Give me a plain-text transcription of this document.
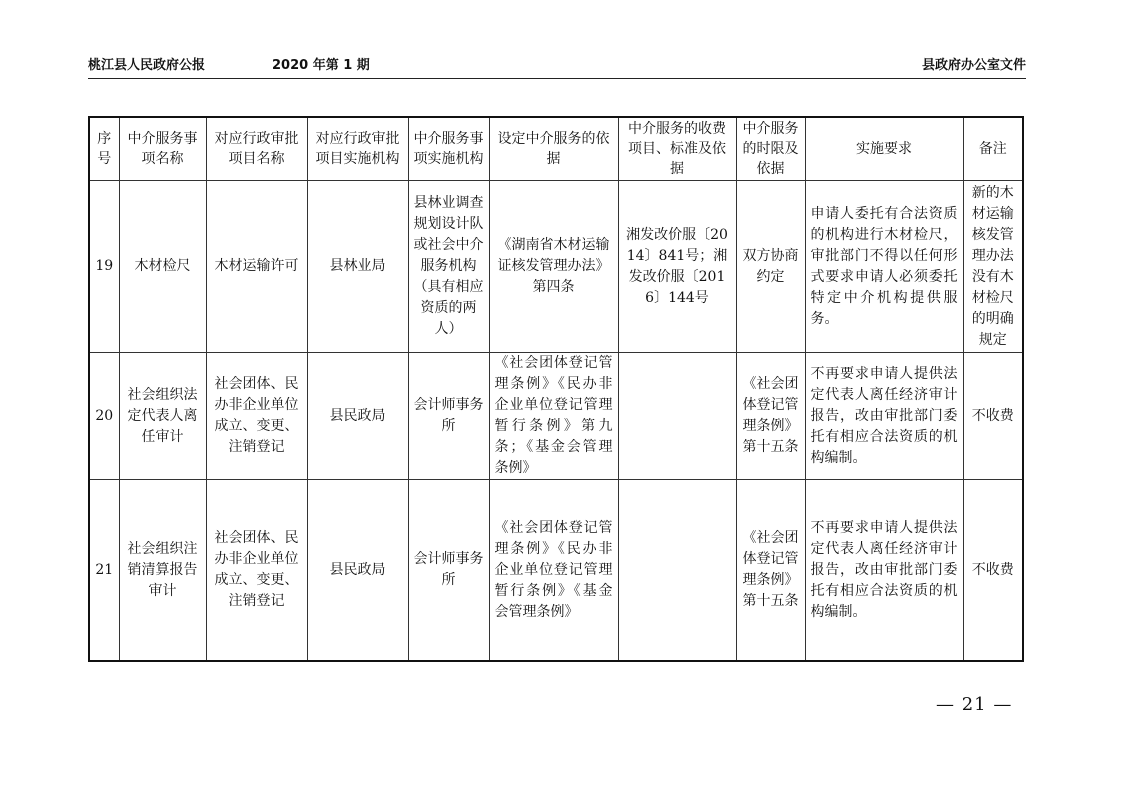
桃江县人民政府公报	2020 年第 1 期	县政府办公室文件
序号	中介服务事项名称	对应行政审批项目名称	对应行政审批项目实施机构	中介服务事项实施机构	设定中介服务的依据	中介服务的收费项目、标准及依据	中介服务的时限及依据	实施要求	备注
19	木材检尺	木材运输许可	县林业局	县林业调查规划设计队或社会中介服务机构（具有相应资质的两人）	《湖南省木材运输证核发管理办法》第四条	湘发改价服〔2014〕841号；湘发改价服〔2016〕144号	双方协商约定	申请人委托有合法资质的机构进行木材检尺，审批部门不得以任何形式要求申请人必须委托特定中介机构提供服务。	新的木材运输核发管理办法没有木材检尺的明确规定
20	社会组织法定代表人离任审计	社会团体、民办非企业单位成立、变更、注销登记	县民政局	会计师事务所	《社会团体登记管理条例》《民办非企业单位登记管理暂行条例》第九条；《基金会管理条例》		《社会团体登记管理条例》第十五条	不再要求申请人提供法定代表人离任经济审计报告，改由审批部门委托有相应合法资质的机构编制。	不收费
21	社会组织注销清算报告审计	社会团体、民办非企业单位成立、变更、注销登记	县民政局	会计师事务所	《社会团体登记管理条例》《民办非企业单位登记管理暂行条例》《基金会管理条例》		《社会团体登记管理条例》第十五条	不再要求申请人提供法定代表人离任经济审计报告，改由审批部门委托有相应合法资质的机构编制。	不收费
— 21 —
